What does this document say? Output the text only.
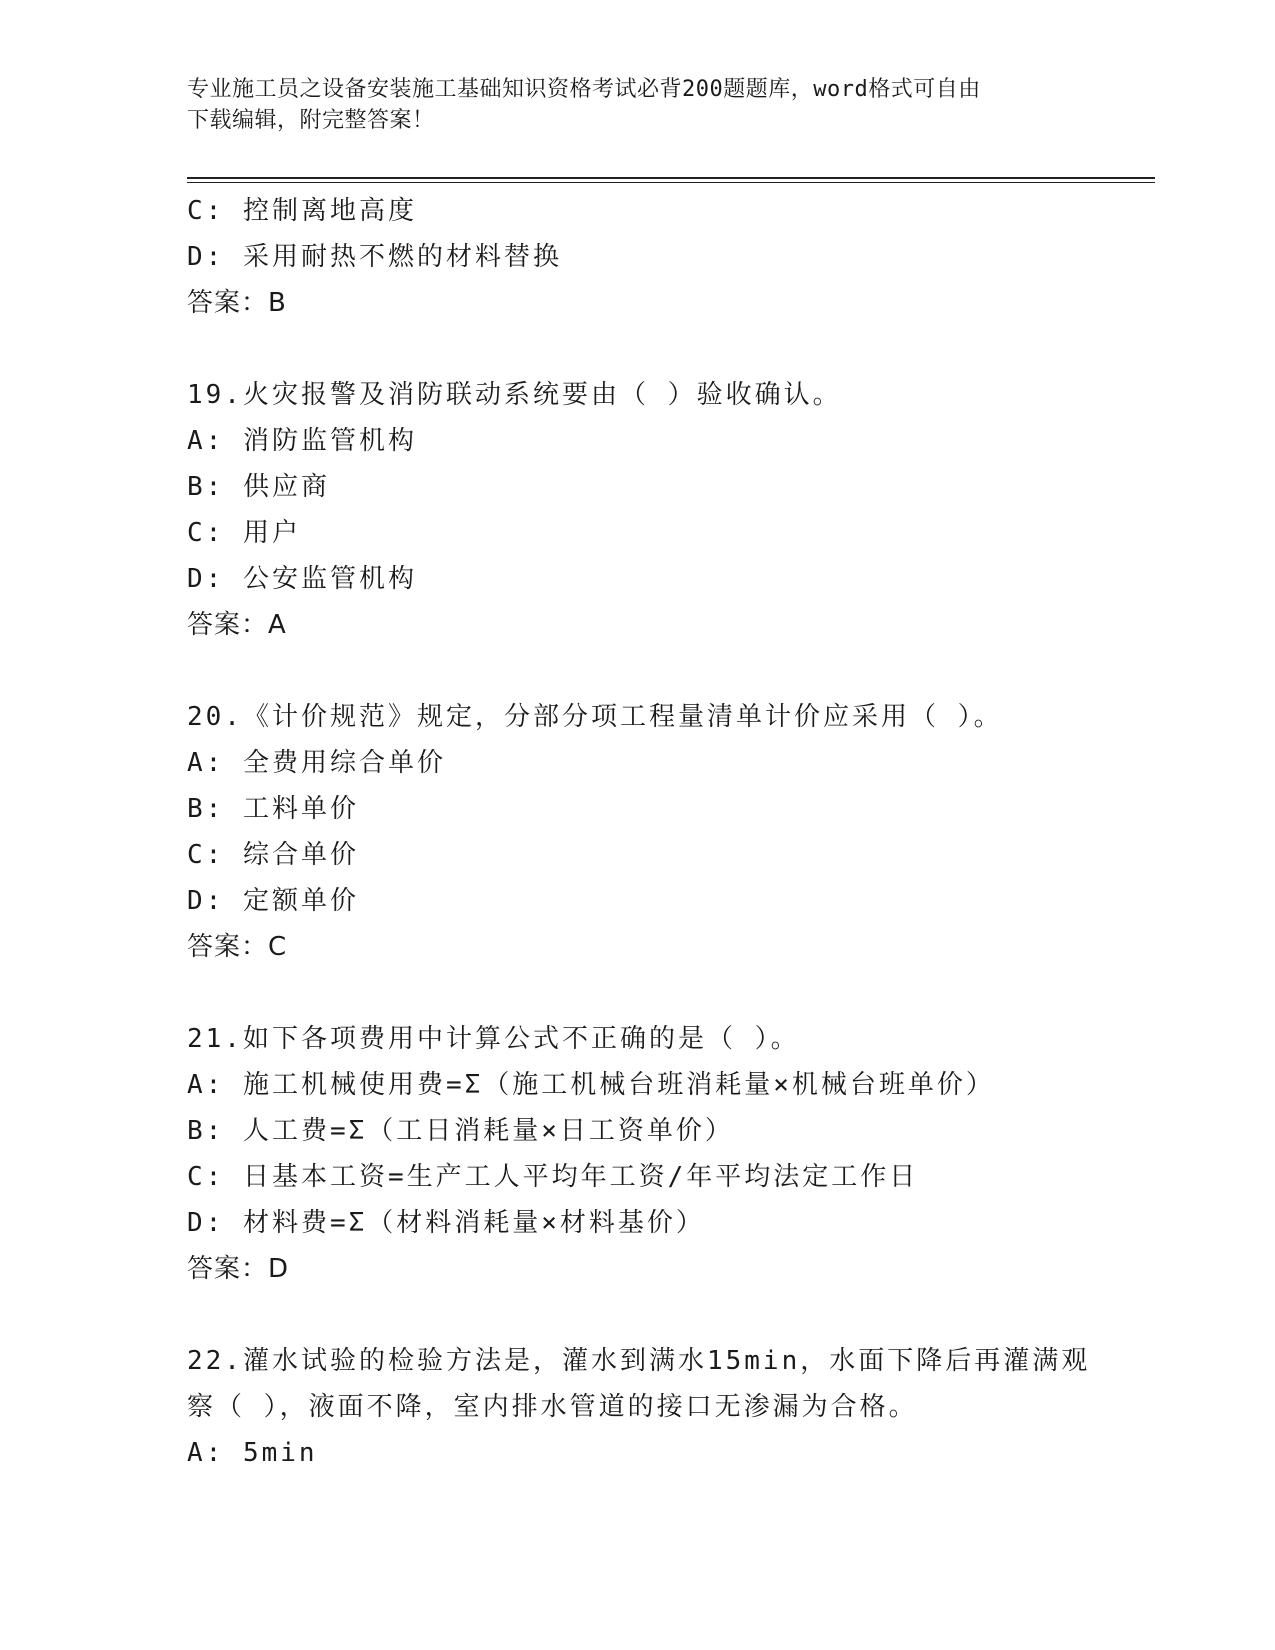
专业施工员之设备安装施工基础知识资格考试必背200题题库，word格式可自由
下载编辑，附完整答案！
C: 控制离地高度
D: 采用耐热不燃的材料替换
答案：B
19.火灾报警及消防联动系统要由（ ）验收确认。
A: 消防监管机构
B: 供应商
C: 用户
D: 公安监管机构
答案：A
20.《计价规范》规定，分部分项工程量清单计价应采用（ ）。
A: 全费用综合单价
B: 工料单价
C: 综合单价
D: 定额单价
答案：C
21.如下各项费用中计算公式不正确的是（ ）。
A: 施工机械使用费=Σ（施工机械台班消耗量×机械台班单价）
B: 人工费=Σ（工日消耗量×日工资单价）
C: 日基本工资=生产工人平均年工资/年平均法定工作日
D: 材料费=Σ（材料消耗量×材料基价）
答案：D
22.灌水试验的检验方法是，灌水到满水15min，水面下降后再灌满观
察（ ），液面不降，室内排水管道的接口无渗漏为合格。
A: 5min
